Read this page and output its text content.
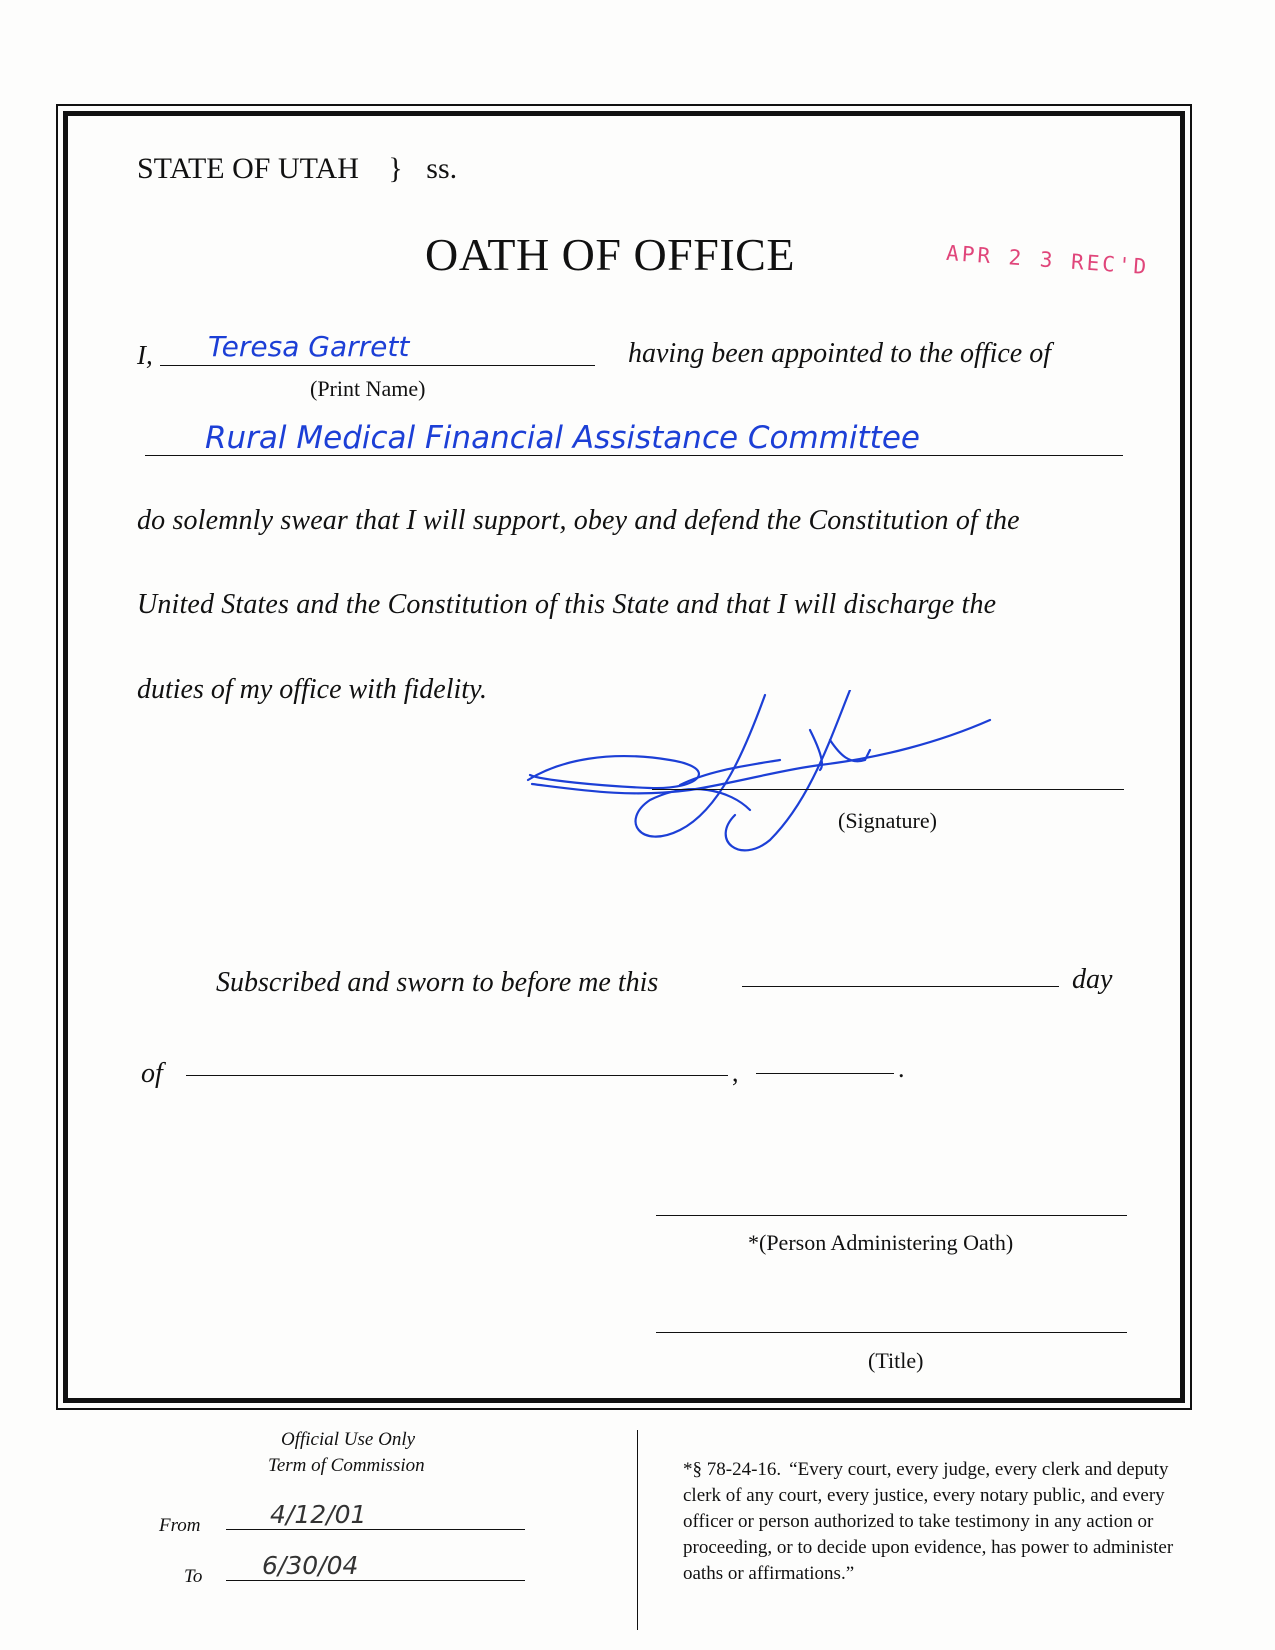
STATE OF UTAH } ss.
OATH OF OFFICE	APR 2 3 REC'D
I, Teresa Garrett
(Print Name)
having been appointed to the office of
Rural Medical Financial Assistance Committee
do solemnly swear that I will support, obey and defend the Constitution of the
United States and the Constitution of this State and that I will discharge the
duties of my office with fidelity.
(Signature)
Subscribed and sworn to before me this	day
of	,	.
*(Person Administering Oath)
(Title)
Official Use Only
Term of Commission
From	4/12/01
To 6/30/04
*§ 78-24-16. “Every court, every judge, every clerk and deputy clerk of any court, every justice, every notary public, and every officer or person authorized to take testimony in any action or proceeding, or to decide upon evidence, has power to administer oaths or affirmations.”
